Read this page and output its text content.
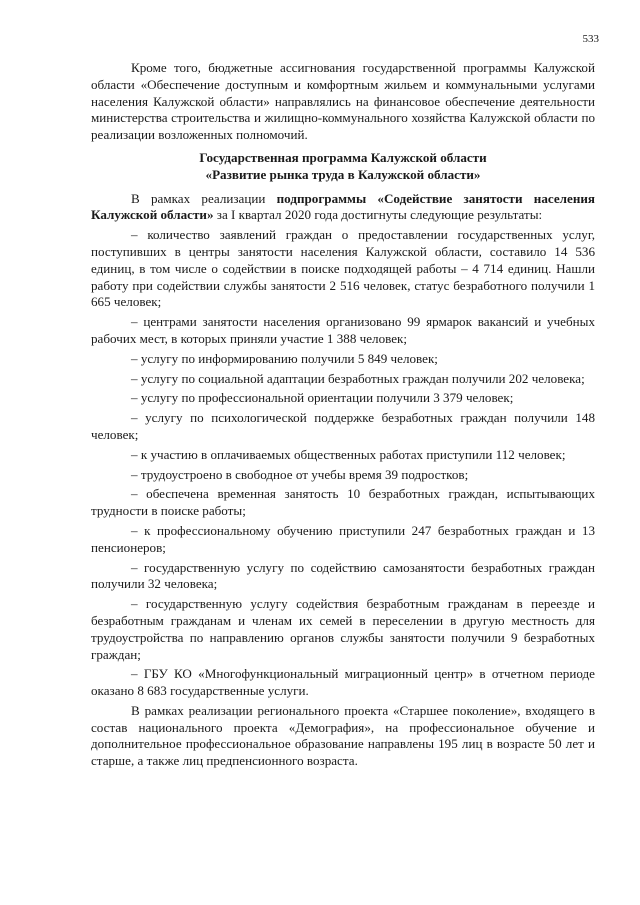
533

Кроме того, бюджетные ассигнования государственной программы Калужской области «Обеспечение доступным и комфортным жильем и коммунальными услугами населения Калужской области» направлялись на финансовое обеспечение деятельности министерства строительства и жилищно-коммунального хозяйства Калужской области по реализации возложенных полномочий.

Государственная программа Калужской области

«Развитие рынка труда в Калужской области»

В рамках реализации подпрограммы «Содействие занятости населения Калужской области» за I квартал 2020 года достигнуты следующие результаты:

– количество заявлений граждан о предоставлении государственных услуг, поступивших в центры занятости населения Калужской области, составило 14 536 единиц, в том числе о содействии в поиске подходящей работы – 4 714 единиц. Нашли работу при содействии службы занятости 2 516 человек, статус безработного получили 1 665 человек;

– центрами занятости населения организовано 99 ярмарок вакансий и учебных рабочих мест, в которых приняли участие 1 388 человек;

– услугу по информированию получили 5 849 человек;

– услугу по социальной адаптации безработных граждан получили 202 человека;

– услугу по профессиональной ориентации получили 3 379 человек;

– услугу по психологической поддержке безработных граждан получили 148 человек;

– к участию в оплачиваемых общественных работах приступили 112 человек;

– трудоустроено в свободное от учебы время 39 подростков;

– обеспечена временная занятость 10 безработных граждан, испытывающих трудности в поиске работы;

– к профессиональному обучению приступили 247 безработных граждан и 13 пенсионеров;

– государственную услугу по содействию самозанятости безработных граждан получили 32 человека;

– государственную услугу содействия безработным гражданам в переезде и безработным гражданам и членам их семей в переселении в другую местность для трудоустройства по направлению органов службы занятости получили 9 безработных граждан;

– ГБУ КО «Многофункциональный миграционный центр» в отчетном периоде оказано 8 683 государственные услуги.

В рамках реализации регионального проекта «Старшее поколение», входящего в состав национального проекта «Демография», на профессиональное обучение и дополнительное профессиональное образование направлены 195 лиц в возрасте 50 лет и старше, а также лиц предпенсионного возраста.
